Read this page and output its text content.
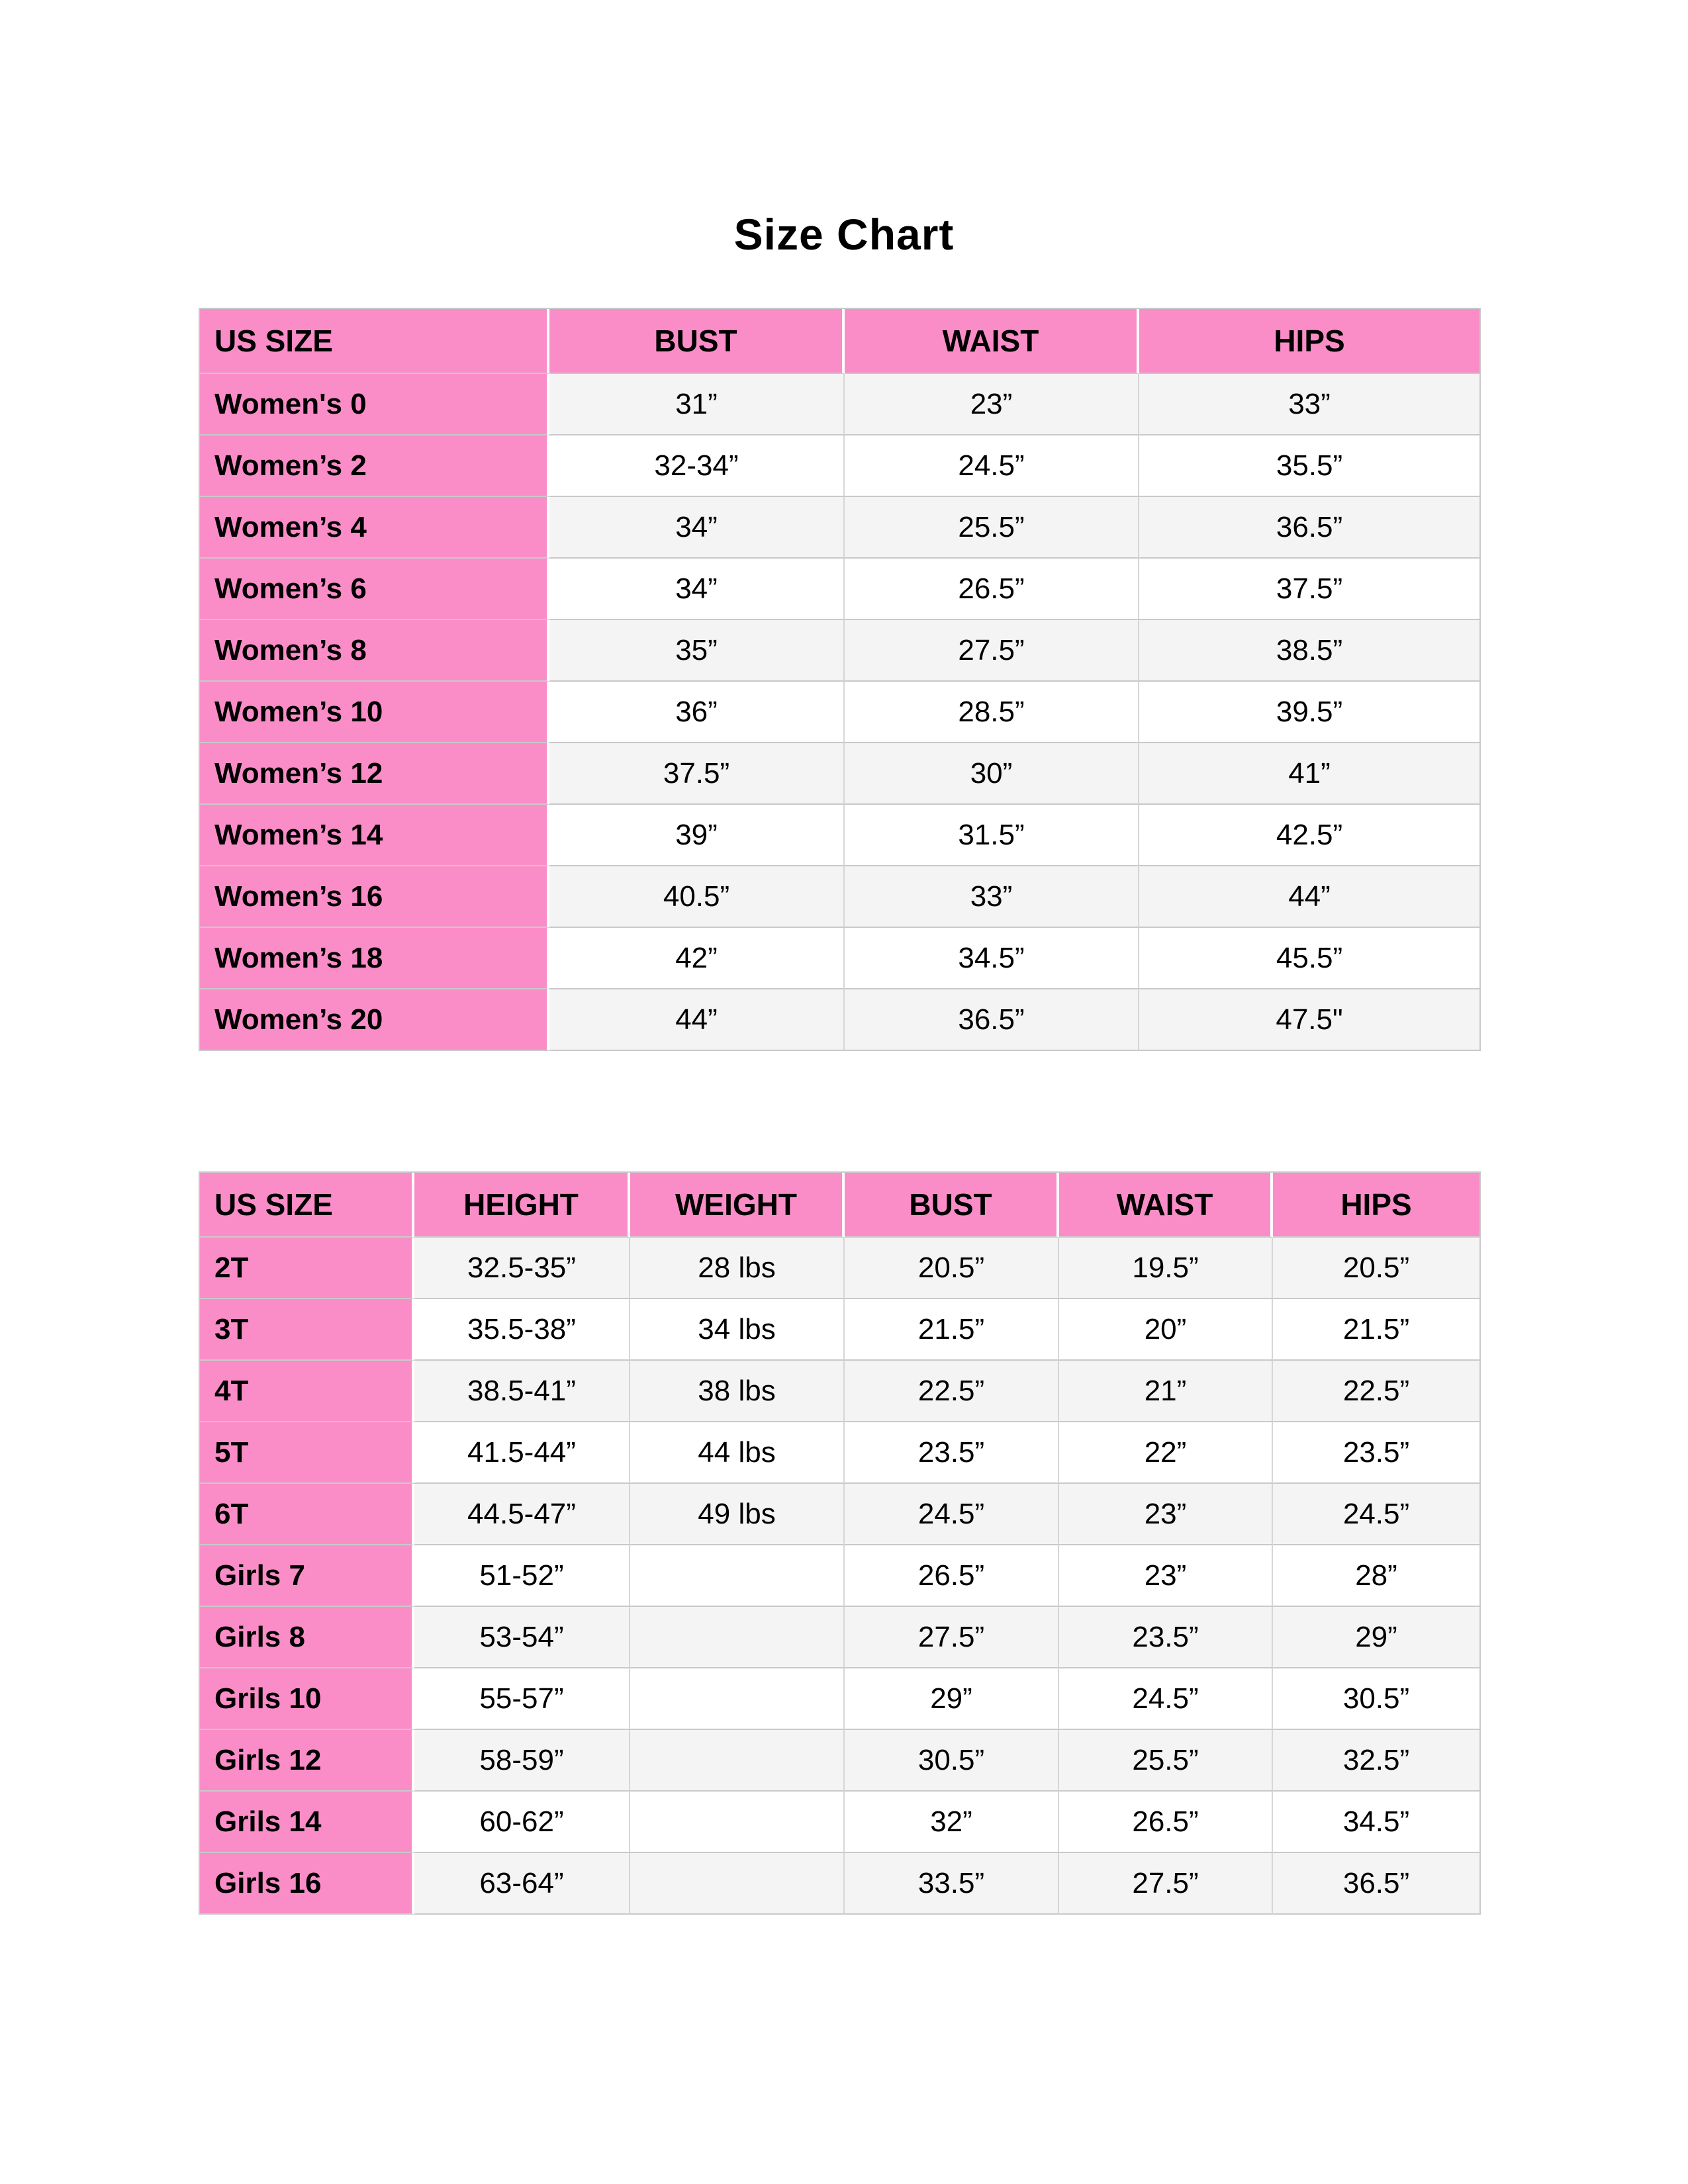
Size Chart
US SIZE	BUST	WAIST	HIPS
Women's 0	31”	23”	33”
Women’s 2	32-34”	24.5”	35.5”
Women’s 4	34”	25.5”	36.5”
Women’s 6	34”	26.5”	37.5”
Women’s 8	35”	27.5”	38.5”
Women’s 10	36”	28.5”	39.5”
Women’s 12	37.5”	30”	41”
Women’s 14	39”	31.5”	42.5”
Women’s 16	40.5”	33”	44”
Women’s 18	42”	34.5”	45.5”
Women’s 20	44”	36.5”	47.5"
US SIZE	HEIGHT	WEIGHT	BUST	WAIST	HIPS
2T	32.5-35”	28 lbs	20.5”	19.5”	20.5”
3T	35.5-38”	34 lbs	21.5”	20”	21.5”
4T	38.5-41”	38 lbs	22.5”	21”	22.5”
5T	41.5-44”	44 lbs	23.5”	22”	23.5”
6T	44.5-47”	49 lbs	24.5”	23”	24.5”
Girls 7	51-52”		26.5”	23”	28”
Girls 8	53-54”		27.5”	23.5”	29”
Grils 10	55-57”		29”	24.5”	30.5”
Girls 12	58-59”		30.5”	25.5”	32.5”
Grils 14	60-62”		32”	26.5”	34.5”
Girls 16	63-64”		33.5”	27.5”	36.5”
